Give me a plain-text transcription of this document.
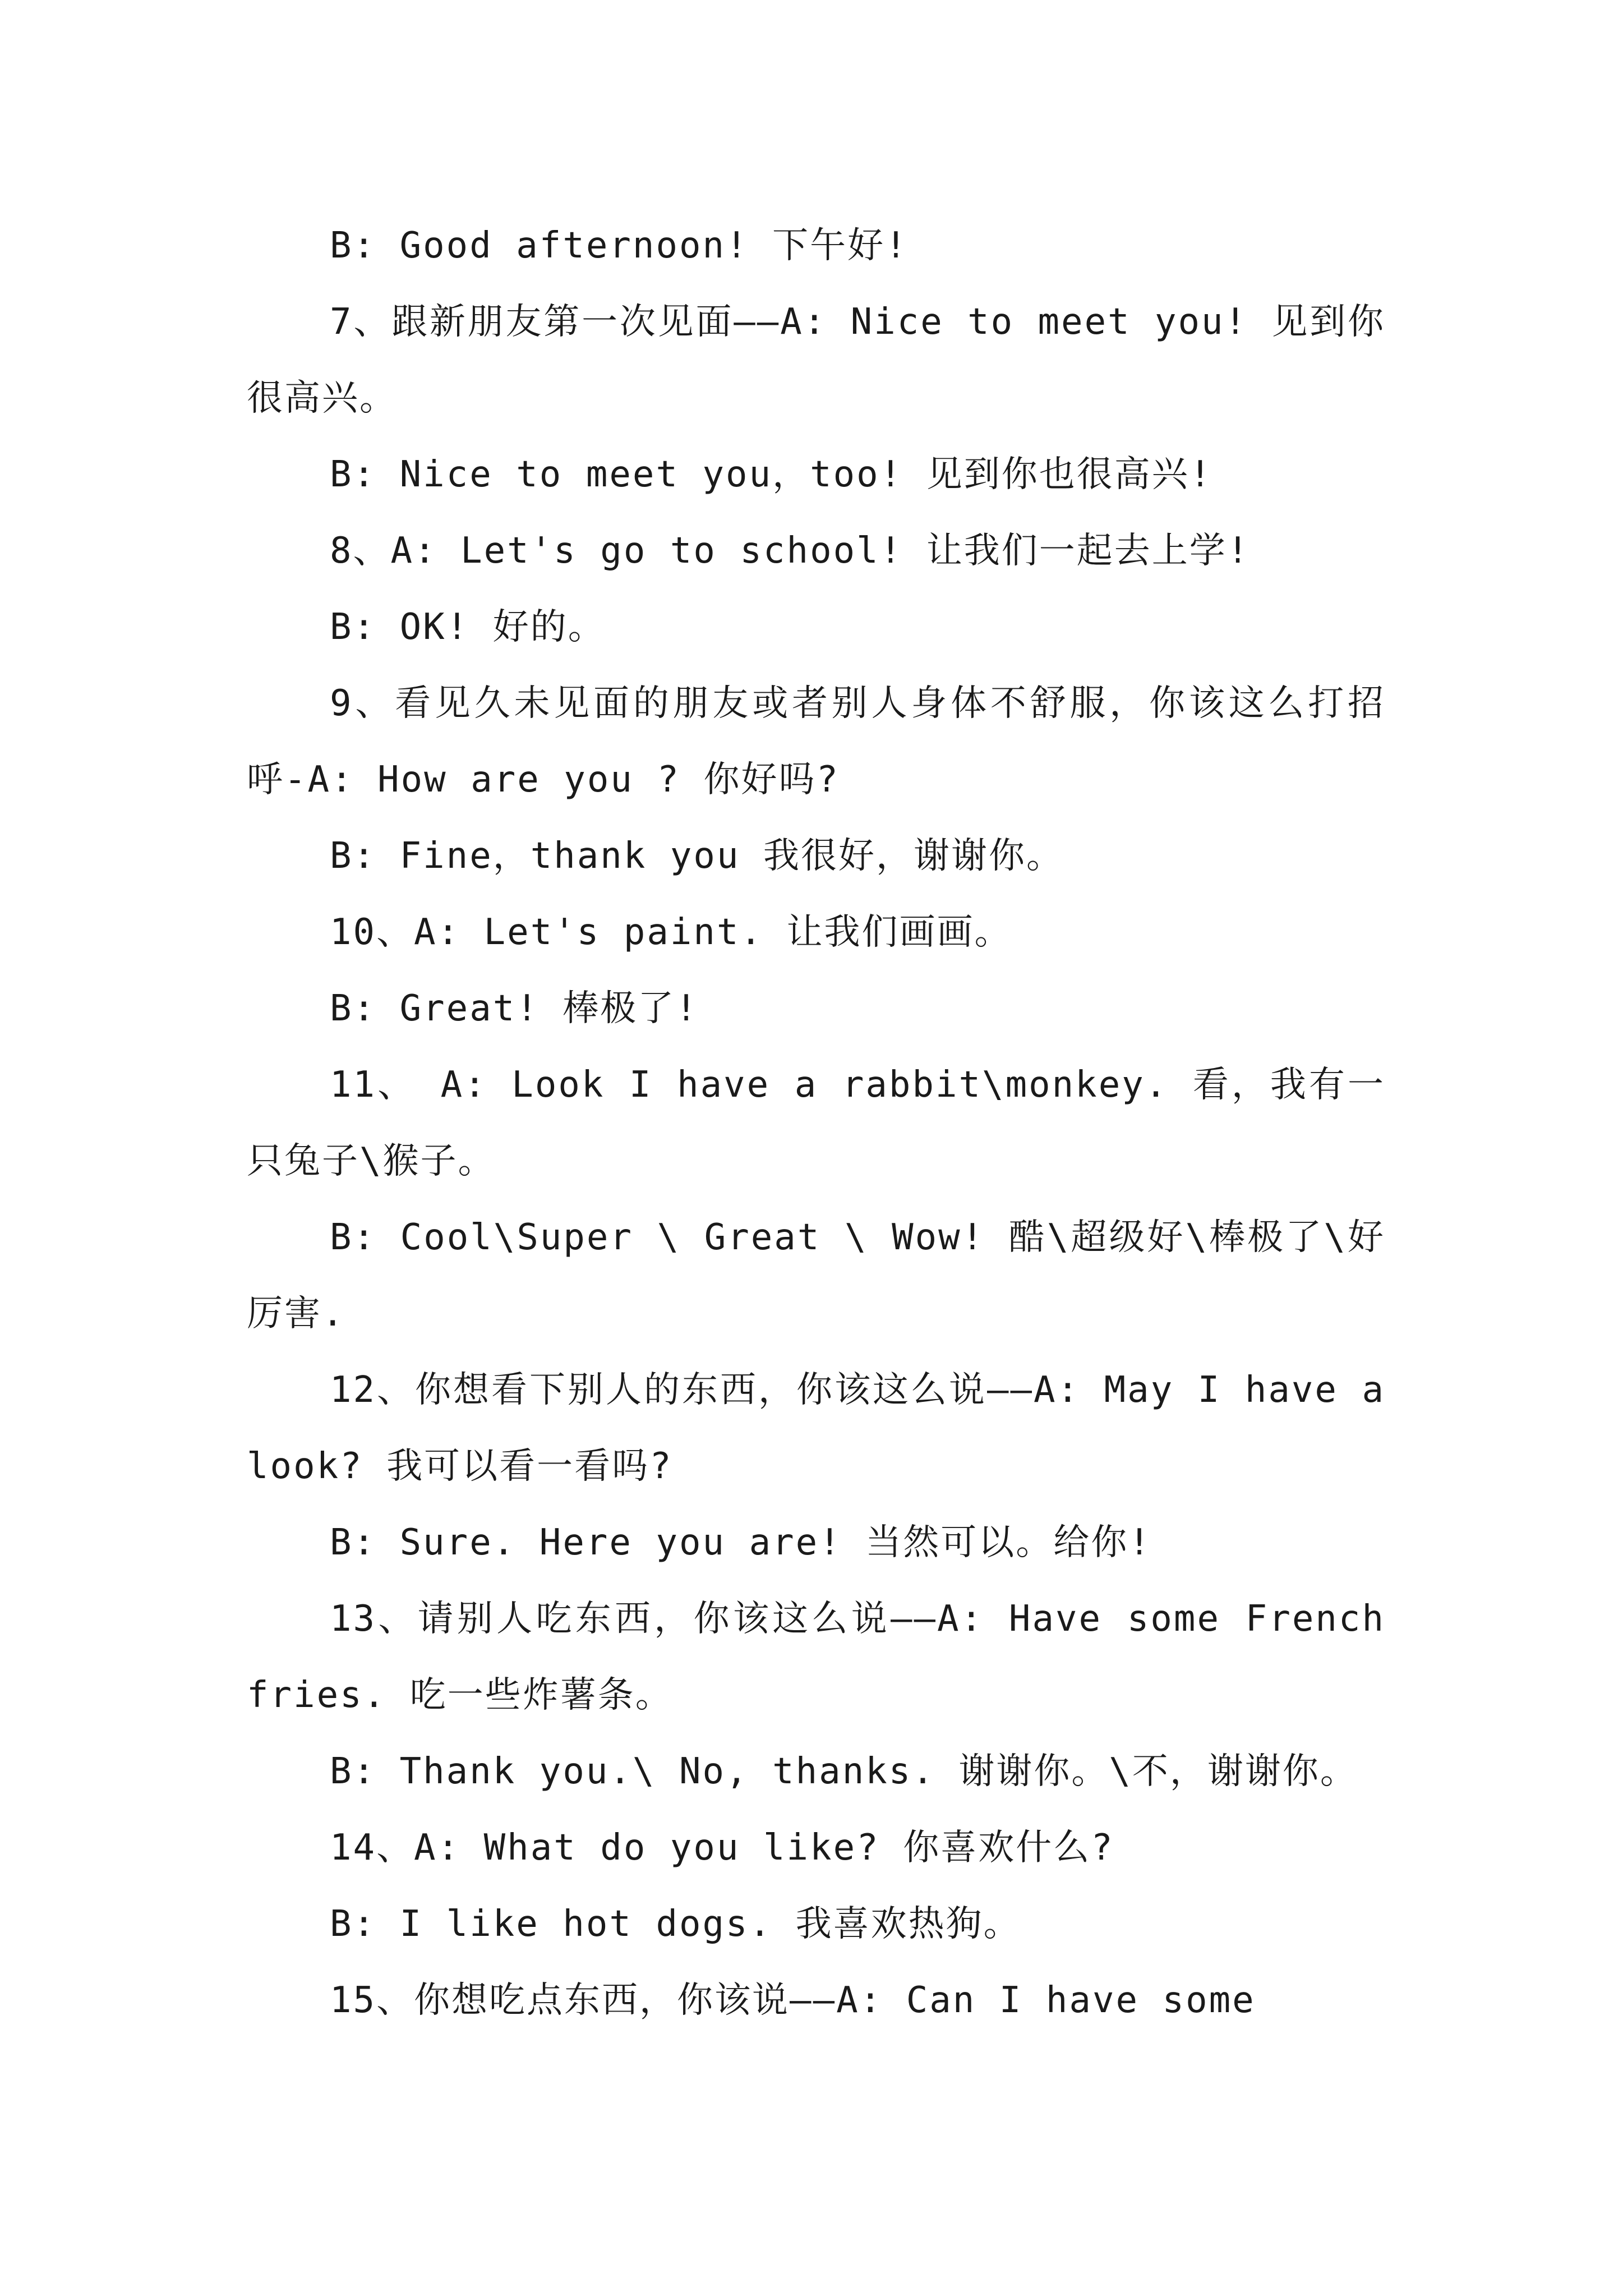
B: Good afternoon! 下午好!

7、跟新朋友第一次见面——A: Nice to meet you! 见到你很高兴。

B: Nice to meet you，too! 见到你也很高兴!

8、A: Let's go to school! 让我们一起去上学!

B: OK! 好的。

9、看见久未见面的朋友或者别人身体不舒服，你该这么打招呼-A: How are you ? 你好吗?

B: Fine，thank you 我很好，谢谢你。

10、A: Let's paint. 让我们画画。

B: Great! 棒极了!

11、 A: Look I have a rabbit\monkey. 看，我有一只兔子\猴子。

B: Cool\Super \ Great \ Wow! 酷\超级好\棒极了\好厉害.

12、你想看下别人的东西，你该这么说——A: May I have a look? 我可以看一看吗?

B: Sure. Here you are! 当然可以。给你!

13、请别人吃东西，你该这么说——A: Have some French fries. 吃一些炸薯条。

B: Thank you.\ No, thanks. 谢谢你。\不，谢谢你。

14、A: What do you like? 你喜欢什么?

B: I like hot dogs. 我喜欢热狗。

15、你想吃点东西，你该说——A: Can I have some
